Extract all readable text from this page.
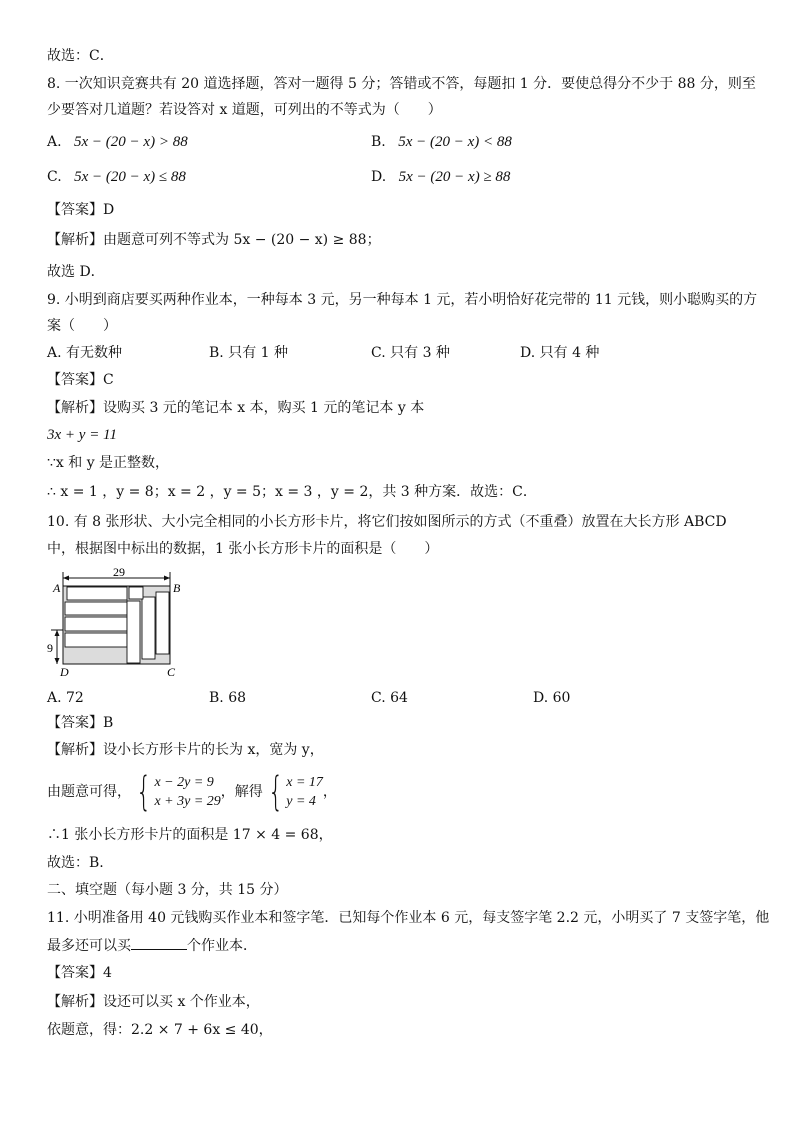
故选：C．
8. 一次知识竞赛共有 20 道选择题，答对一题得 5 分；答错或不答，每题扣 1 分．要使总得分不少于 88 分，则至
少要答对几道题？若设答对 x 道题，可列出的不等式为（　　）
A. 5x − (20 − x) > 88	B. 5x − (20 − x) < 88
C. 5x − (20 − x) ≤ 88	D. 5x − (20 − x) ≥ 88
【答案】D
【解析】由题意可列不等式为 5x − (20 − x) ≥ 88；
故选 D．
9. 小明到商店要买两种作业本，一种每本 3 元，另一种每本 1 元，若小明恰好花完带的 11 元钱，则小聪购买的方
案（　　）
A. 有无数种	B. 只有 1 种	C. 只有 3 种	D. 只有 4 种
【答案】C
【解析】设购买 3 元的笔记本 x 本，购买 1 元的笔记本 y 本
3x + y = 11
∵x 和 y 是正整数，
∴ x = 1 ，y = 8；x = 2 ，y = 5；x = 3 ，y = 2，共 3 种方案．故选：C．
10. 有 8 张形状、大小完全相同的小长方形卡片，将它们按如图所示的方式（不重叠）放置在大长方形 ABCD
中，根据图中标出的数据，1 张小长方形卡片的面积是（　　）
29
9
A	B
C
D
A. 72	B. 68	C. 64	D. 60
【答案】B
【解析】设小长方形卡片的长为 x，宽为 y，
由题意可得， { x − 2y = 9
x + 3y = 29
，解得 { x = 17
y = 4
，
∴1 张小长方形卡片的面积是 17 × 4 = 68，
故选：B.
二、填空题（每小题 3 分，共 15 分）
11. 小明准备用 40 元钱购买作业本和签字笔．已知每个作业本 6 元，每支签字笔 2.2 元，小明买了 7 支签字笔，他
最多还可以买	个作业本．
【答案】4
【解析】设还可以买 x 个作业本，
依题意，得：2.2 × 7 + 6x ≤ 40，
